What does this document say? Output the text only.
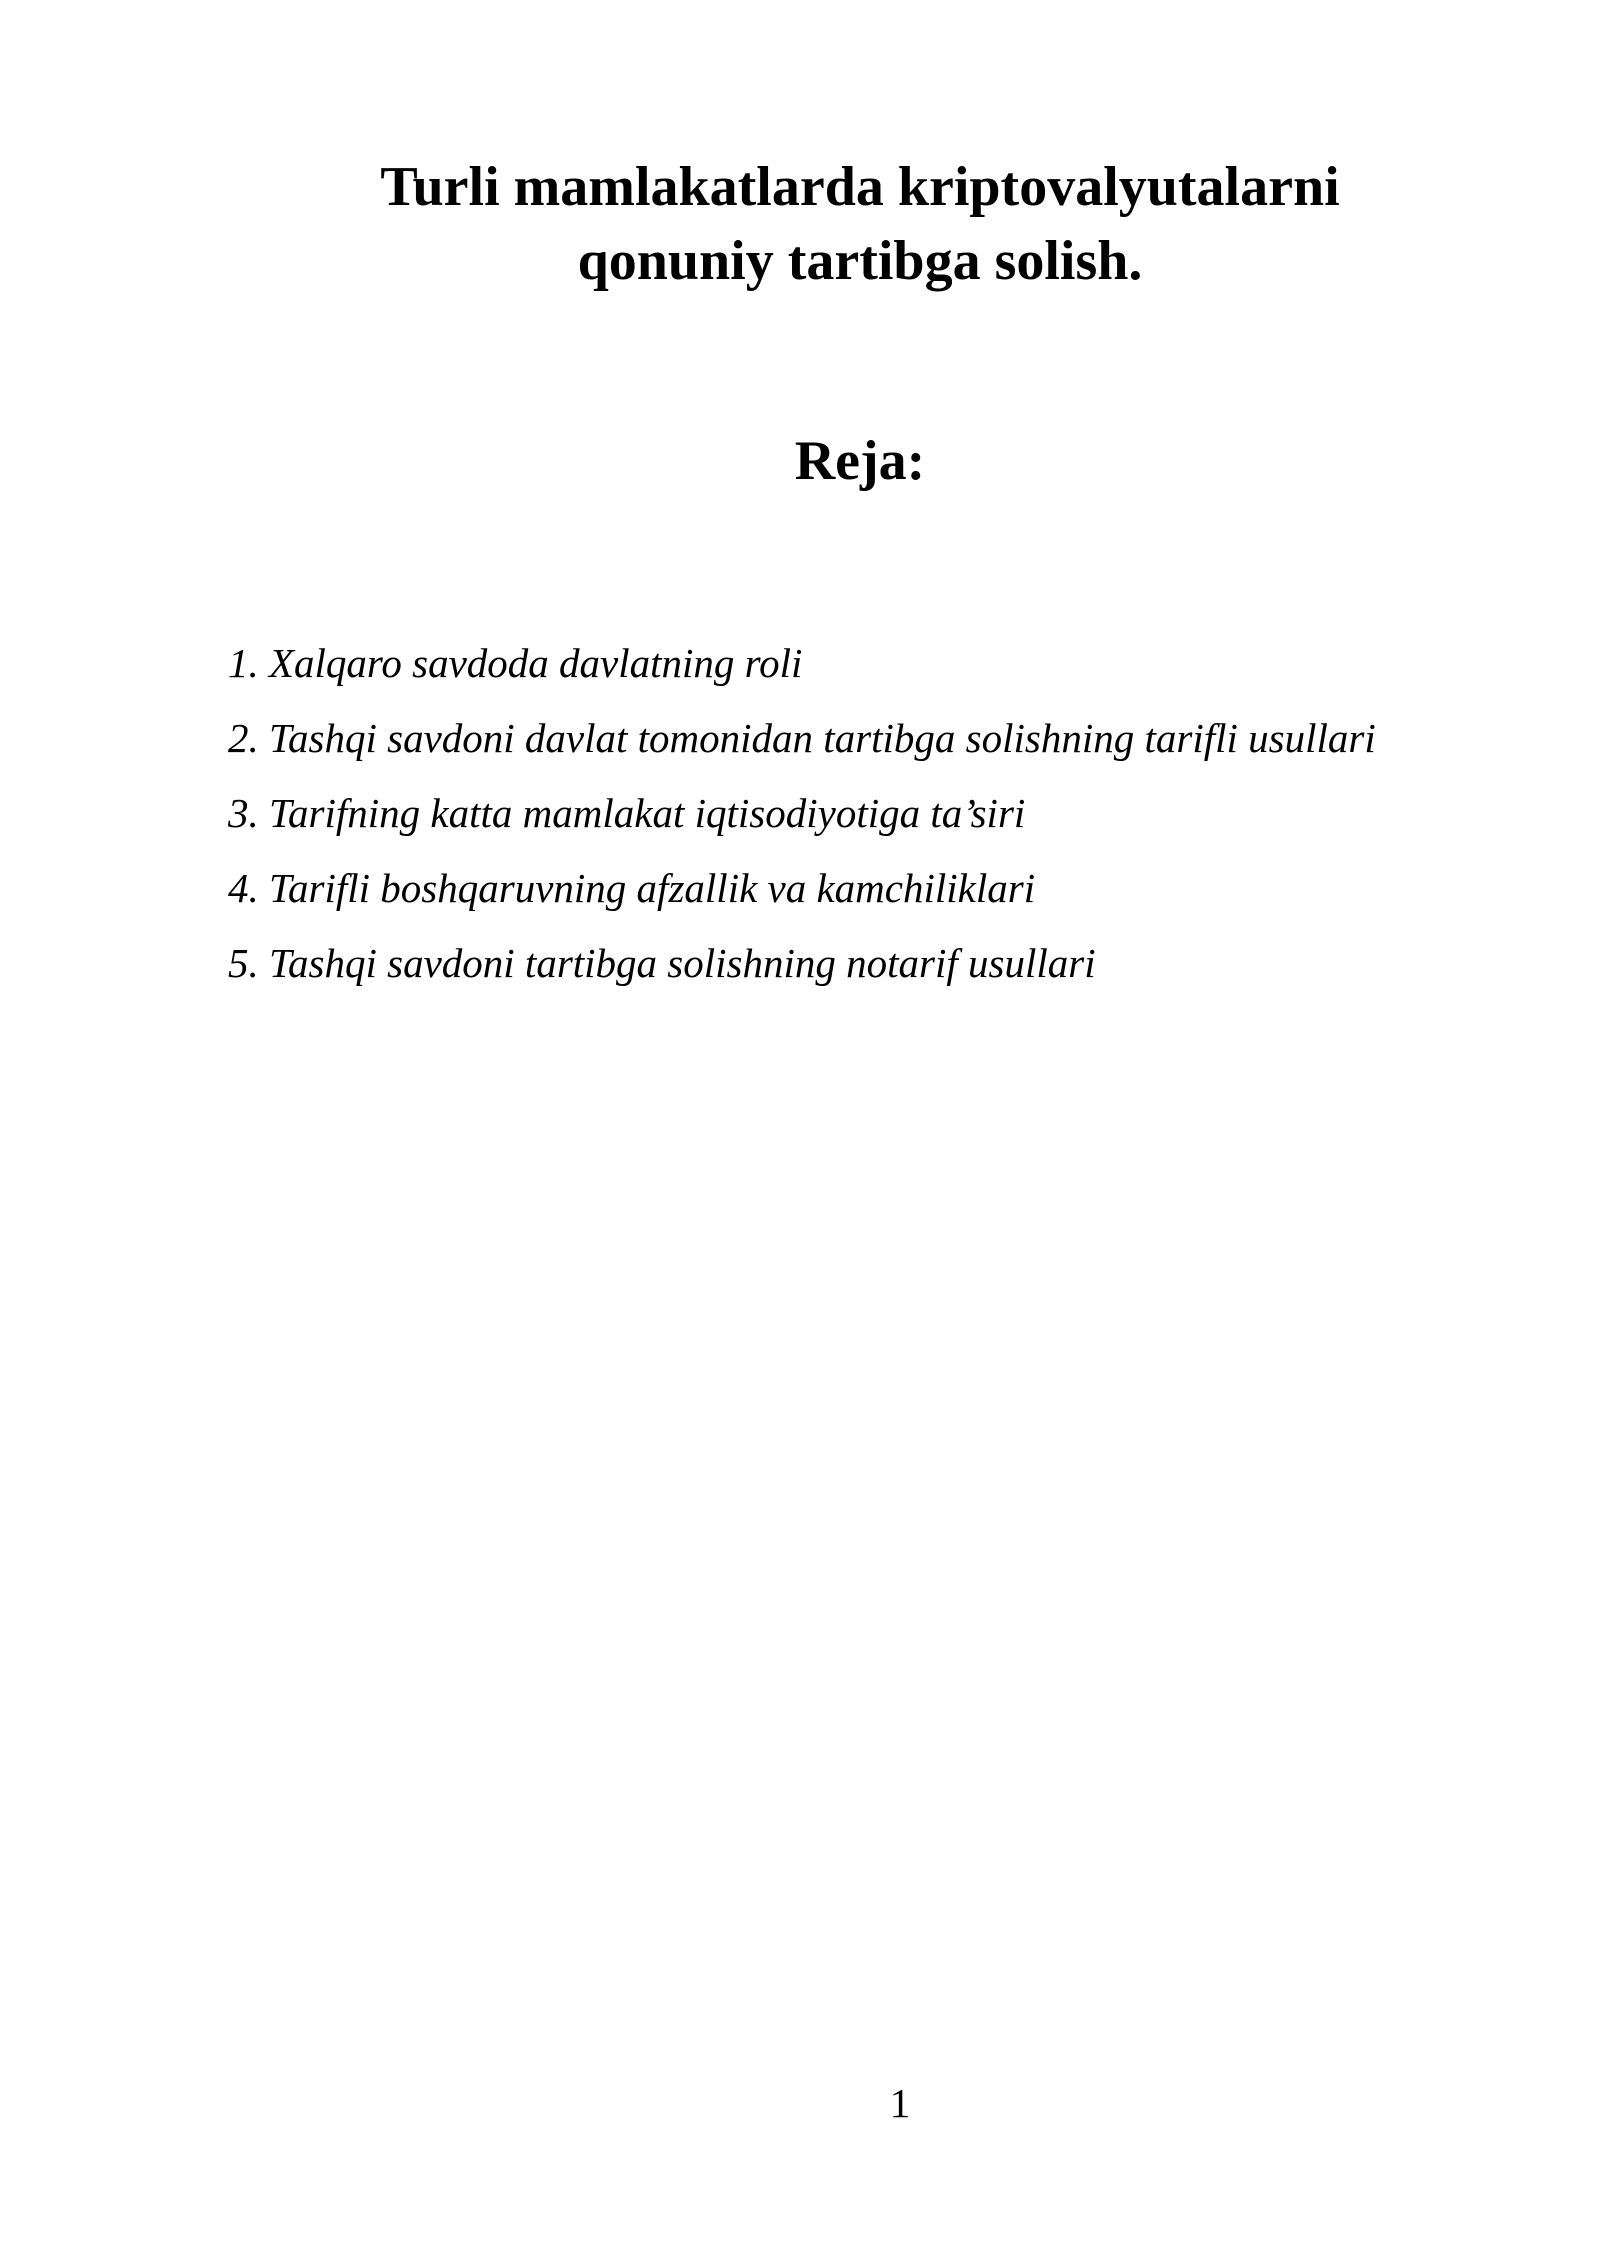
Turli mamlakatlarda kriptovalyutalarni
qonuniy tartibga solish.
Reja:
1. Xalqaro savdoda davlatning roli
2. Tashqi savdoni davlat tomonidan tartibga solishning tarifli usullari
3. Tarifning katta mamlakat iqtisodiyotiga ta’siri
4. Tarifli boshqaruvning afzallik va kamchiliklari
5. Tashqi savdoni tartibga solishning notarif usullari
1
